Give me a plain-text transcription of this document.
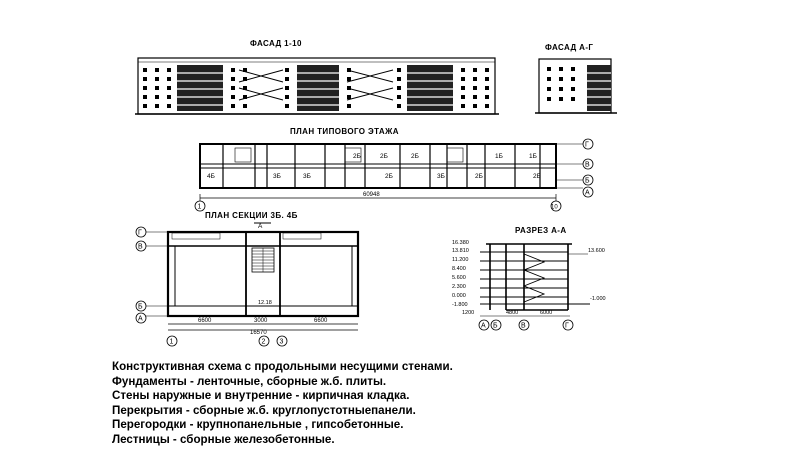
ФАСАД 1-10	ФАСАД А-Г
ПЛАН ТИПОВОГО ЭТАЖА
ПЛАН СЕКЦИИ 3Б. 4Б
РАЗРЕЗ А-А
4Б	3Б
2Б	2Б
3Б	2Б
1Б
3Б	2Б
2Б	1Б
2Б
60948
1	10
Г
В
Б
А
А
12.18
6600	3000	6600
16570
Г
В
Б
А
1	2 3
16.380
13.810
11.200
8.400
5.600
2.300
0.000
-1.800
13.600
-1.000
1200	4800	6000
А Б	В	Г
Конструктивная схема с продольными несущими стенами.
Фундаменты - ленточные, сборные ж.б. плиты.
Стены наружные и внутренние - кирпичная кладка.
Перекрытия - сборные ж.б. круглопустотныепанели.
Перегородки - крупнопанельные , гипсобетонные.
Лестницы - сборные железобетонные.
